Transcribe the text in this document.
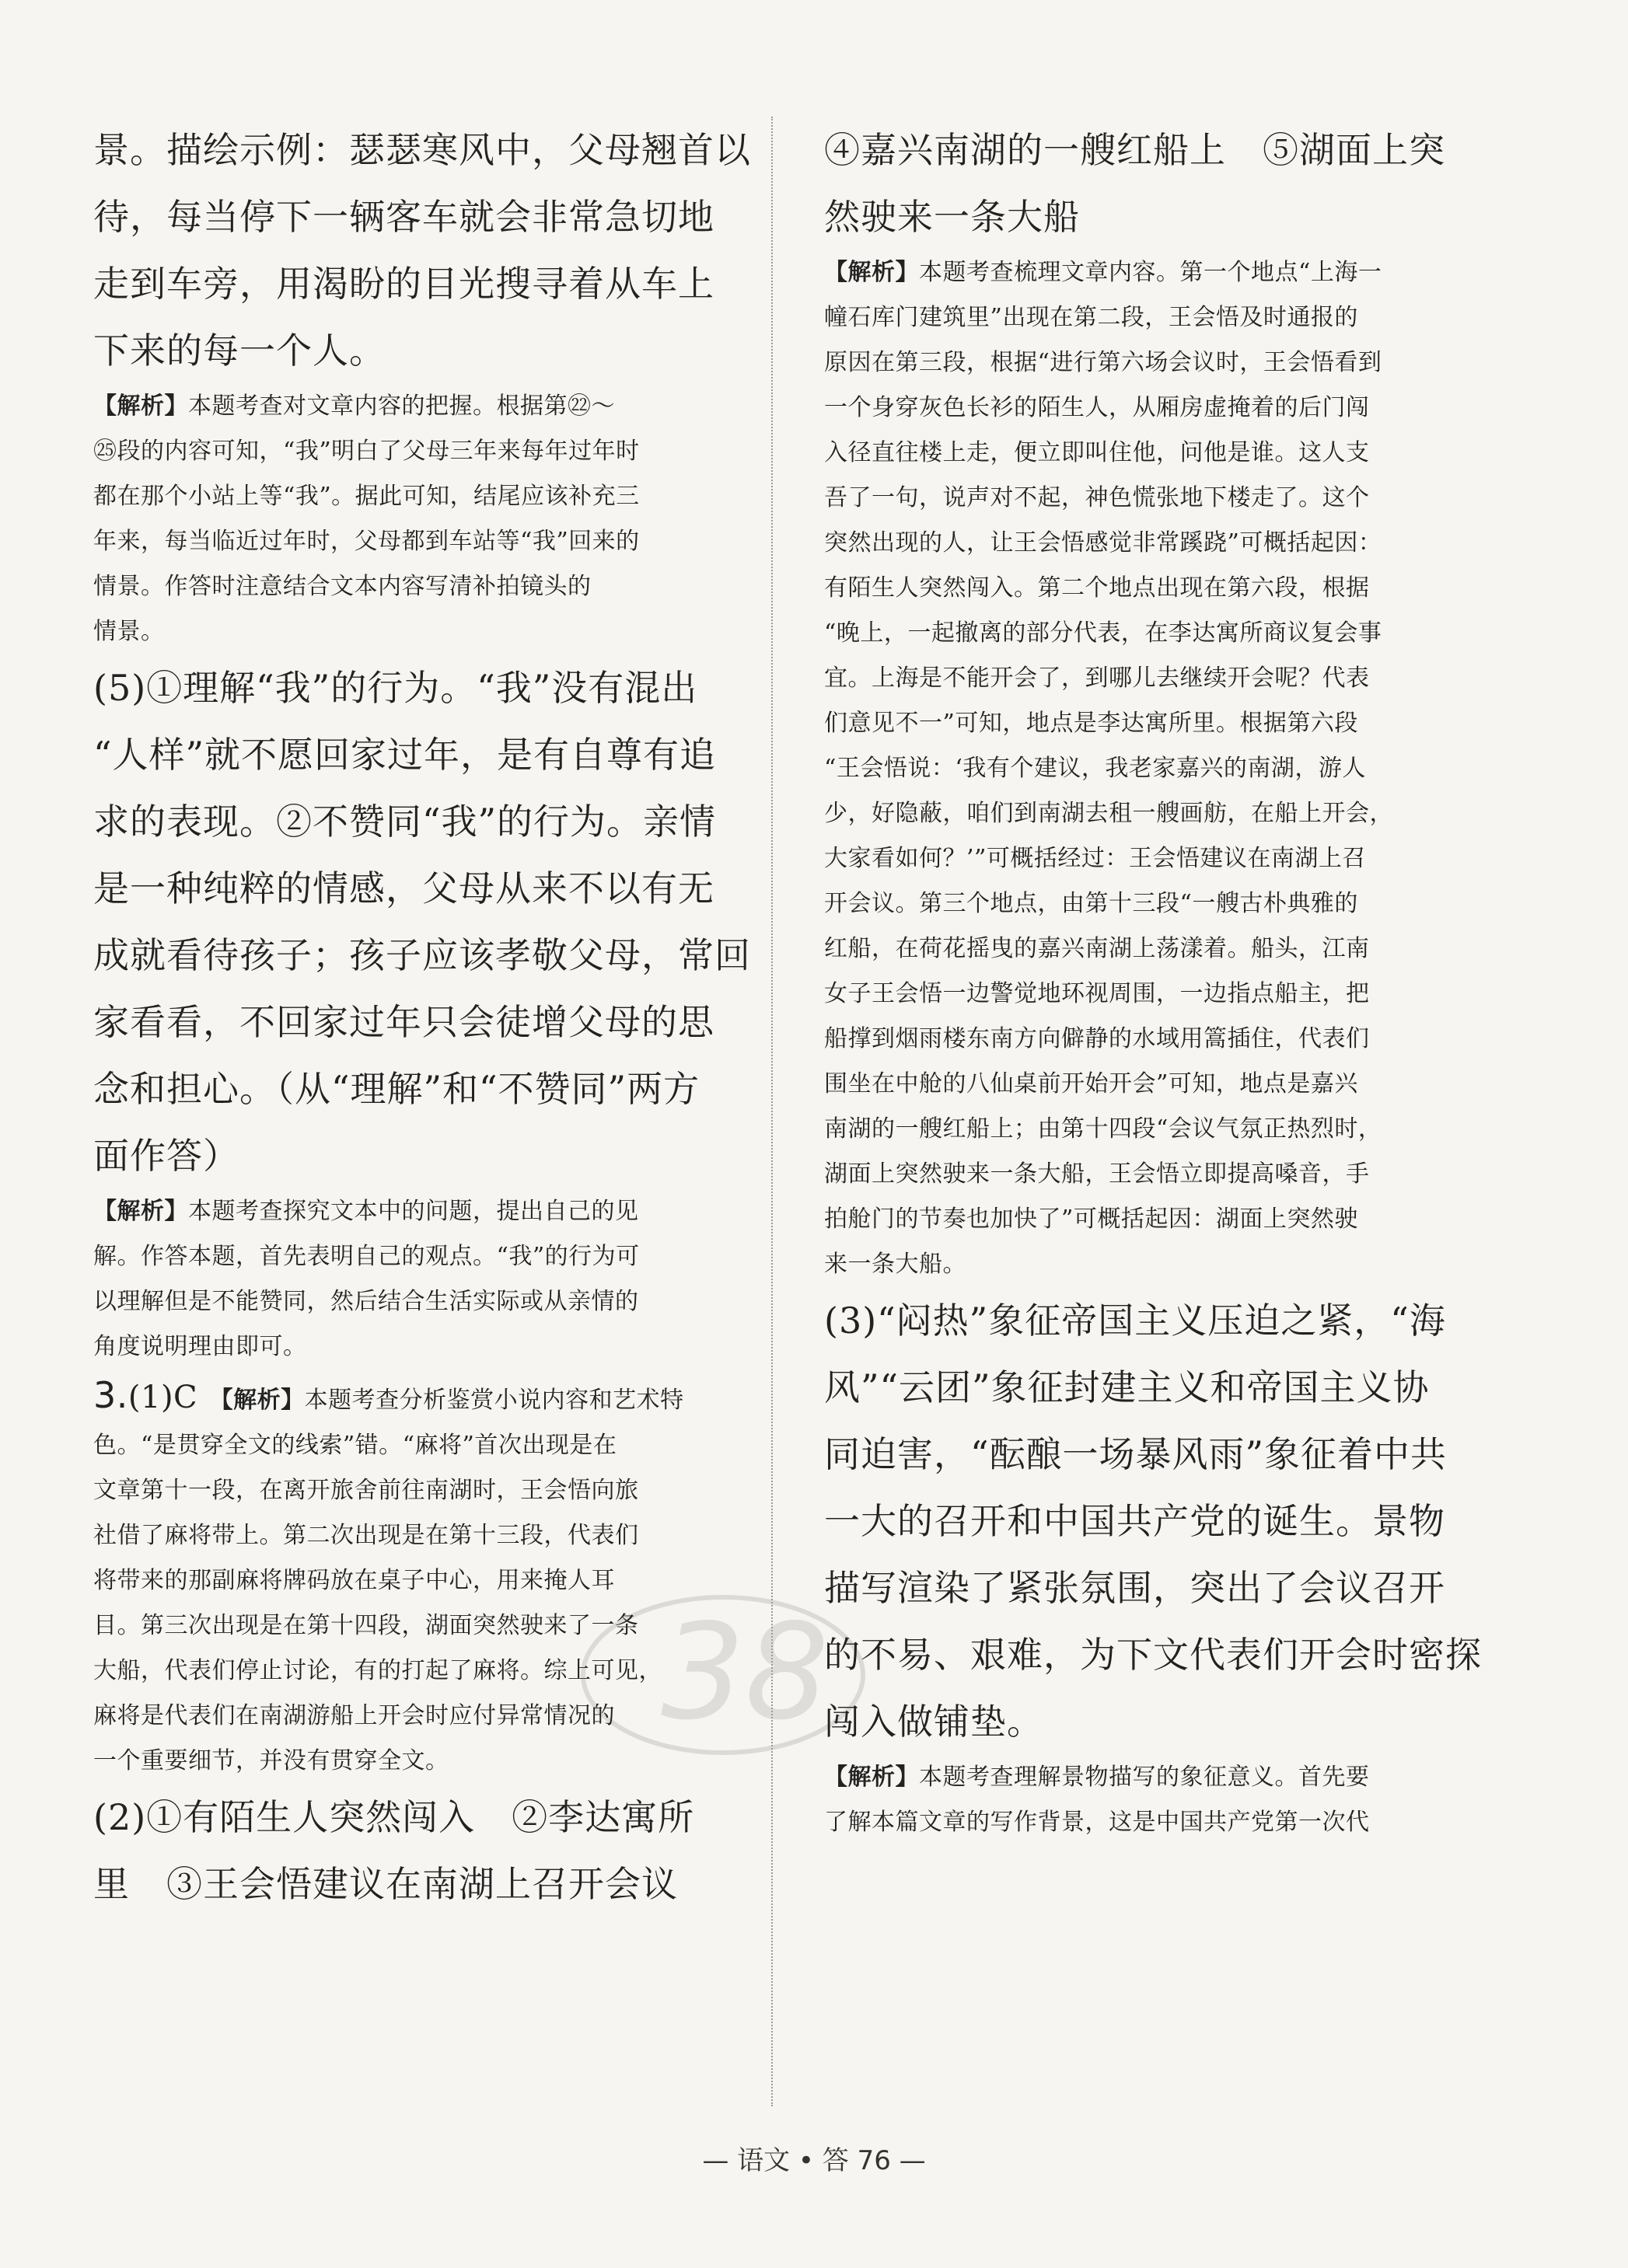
38

景。描绘示例：瑟瑟寒风中，父母翘首以

待，每当停下一辆客车就会非常急切地

走到车旁，用渴盼的目光搜寻着从车上

下来的每一个人。

【解析】本题考查对文章内容的把握。根据第㉒～

㉕段的内容可知，“我”明白了父母三年来每年过年时

都在那个小站上等“我”。据此可知，结尾应该补充三

年来，每当临近过年时，父母都到车站等“我”回来的

情景。作答时注意结合文本内容写清补拍镜头的

情景。

(5)①理解“我”的行为。“我”没有混出

“人样”就不愿回家过年，是有自尊有追

求的表现。②不赞同“我”的行为。亲情

是一种纯粹的情感，父母从来不以有无

成就看待孩子；孩子应该孝敬父母，常回

家看看，不回家过年只会徒增父母的思

念和担心。（从“理解”和“不赞同”两方

面作答）

【解析】本题考查探究文本中的问题，提出自己的见

解。作答本题，首先表明自己的观点。“我”的行为可

以理解但是不能赞同，然后结合生活实际或从亲情的

角度说明理由即可。

3.(1)C　 【解析】本题考查分析鉴赏小说内容和艺术特

色。“是贯穿全文的线索”错。“麻将”首次出现是在

文章第十一段，在离开旅舍前往南湖时，王会悟向旅

社借了麻将带上。第二次出现是在第十三段，代表们

将带来的那副麻将牌码放在桌子中心，用来掩人耳

目。第三次出现是在第十四段，湖面突然驶来了一条

大船，代表们停止讨论，有的打起了麻将。综上可见，

麻将是代表们在南湖游船上开会时应付异常情况的

一个重要细节，并没有贯穿全文。

(2)①有陌生人突然闯入　②李达寓所

里　③王会悟建议在南湖上召开会议

④嘉兴南湖的一艘红船上　⑤湖面上突

然驶来一条大船

【解析】本题考查梳理文章内容。第一个地点“上海一

幢石库门建筑里”出现在第二段，王会悟及时通报的

原因在第三段，根据“进行第六场会议时，王会悟看到

一个身穿灰色长衫的陌生人，从厢房虚掩着的后门闯

入径直往楼上走，便立即叫住他，问他是谁。这人支

吾了一句，说声对不起，神色慌张地下楼走了。这个

突然出现的人，让王会悟感觉非常蹊跷”可概括起因：

有陌生人突然闯入。第二个地点出现在第六段，根据

“晚上，一起撤离的部分代表，在李达寓所商议复会事

宜。上海是不能开会了，到哪儿去继续开会呢？代表

们意见不一”可知，地点是李达寓所里。根据第六段

“王会悟说：‘我有个建议，我老家嘉兴的南湖，游人

少，好隐蔽，咱们到南湖去租一艘画舫，在船上开会，

大家看如何？’”可概括经过：王会悟建议在南湖上召

开会议。第三个地点，由第十三段“一艘古朴典雅的

红船，在荷花摇曳的嘉兴南湖上荡漾着。船头，江南

女子王会悟一边警觉地环视周围，一边指点船主，把

船撑到烟雨楼东南方向僻静的水域用篙插住，代表们

围坐在中舱的八仙桌前开始开会”可知，地点是嘉兴

南湖的一艘红船上；由第十四段“会议气氛正热烈时，

湖面上突然驶来一条大船，王会悟立即提高嗓音，手

拍舱门的节奏也加快了”可概括起因：湖面上突然驶

来一条大船。

(3)“闷热”象征帝国主义压迫之紧，“海

风”“云团”象征封建主义和帝国主义协

同迫害，“酝酿一场暴风雨”象征着中共

一大的召开和中国共产党的诞生。景物

描写渲染了紧张氛围，突出了会议召开

的不易、艰难，为下文代表们开会时密探

闯入做铺垫。

【解析】本题考查理解景物描写的象征意义。首先要

了解本篇文章的写作背景，这是中国共产党第一次代

— 语文 • 答 76 —
